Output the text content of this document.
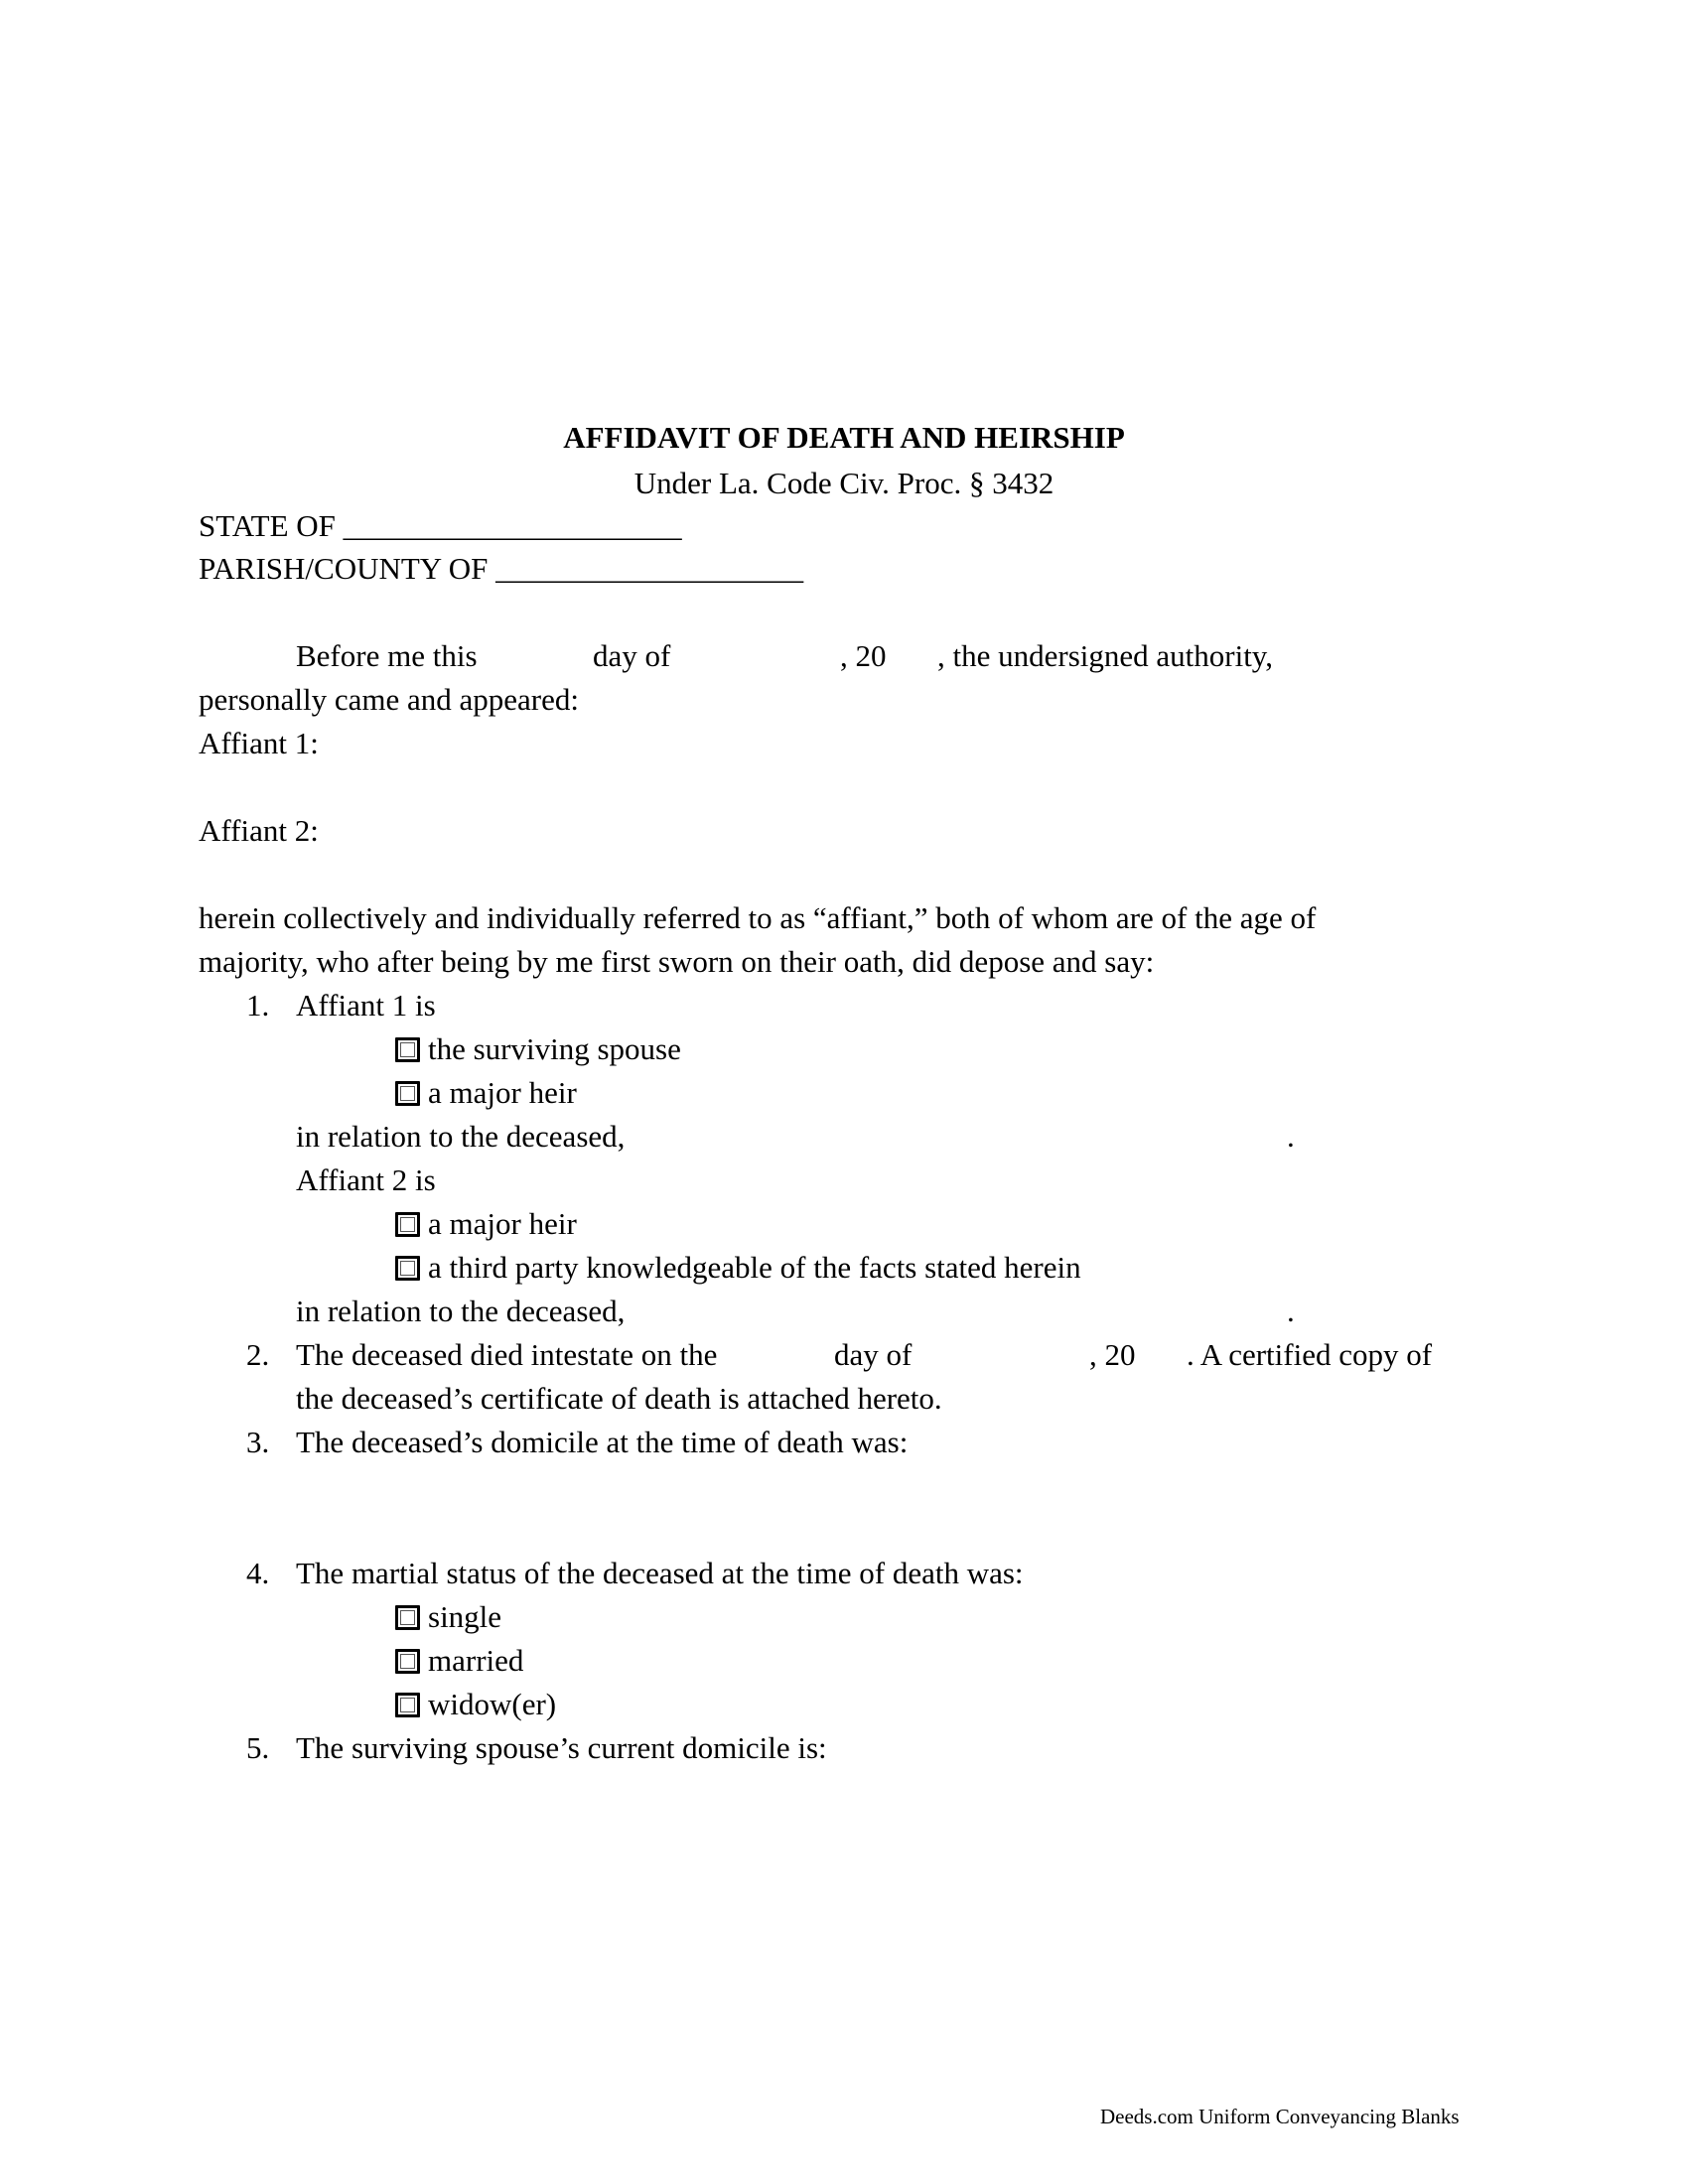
AFFIDAVIT OF DEATH AND HEIRSHIP
Under La. Code Civ. Proc. § 3432
STATE OF ______________________
PARISH/COUNTY OF ____________________
Before me this	day of	, 20 , the undersigned authority,
personally came and appeared:
Affiant 1:
Affiant 2:
herein collectively and individually referred to as “affiant,” both of whom are of the age of
majority, who after being by me first sworn on their oath, did depose and say:
1. Affiant 1 is
the surviving spouse
a major heir
in relation to the deceased,	.
Affiant 2 is
a major heir
a third party knowledgeable of the facts stated herein
in relation to the deceased,	.
2. The deceased died intestate on the	day of	, 20 . A certified copy of
the deceased’s certificate of death is attached hereto.
3. The deceased’s domicile at the time of death was:
4. The martial status of the deceased at the time of death was:
single
married
widow(er)
5. The surviving spouse’s current domicile is:
Deeds.com Uniform Conveyancing Blanks
